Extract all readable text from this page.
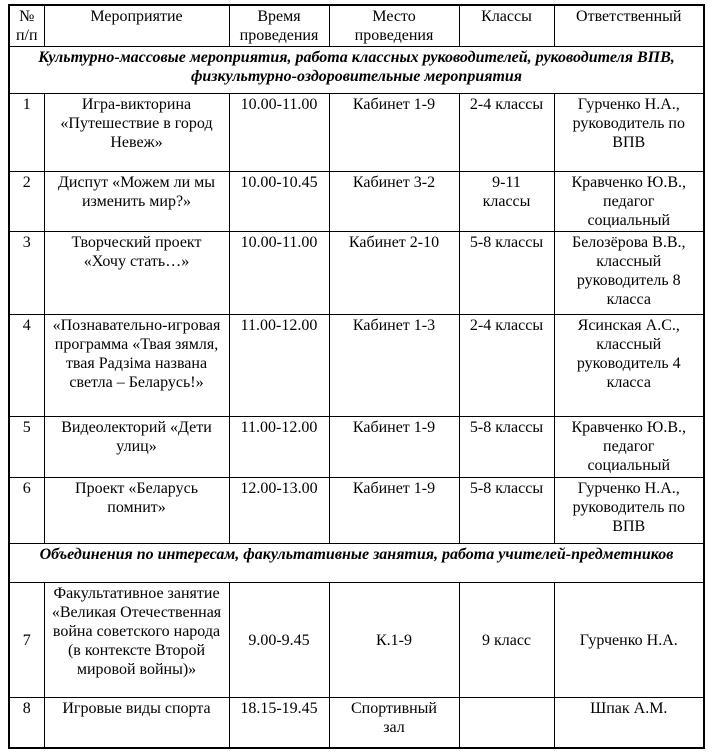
№ п/п	Мероприятие	Время проведения	Место проведения	Классы	Ответственный
Культурно-массовые мероприятия, работа классных руководителей, руководителя ВПВ, физкультурно-оздоровительные мероприятия					
1	Игра-викторина «Путешествие в город Невеж»	10.00-11.00	Кабинет 1-9	2-4 классы	Гурченко Н.А., руководитель по ВПВ
2	Диспут «Можем ли мы изменить мир?»	10.00-10.45	Кабинет 3-2	9-11 классы	Кравченко Ю.В., педагог социальный
3	Творческий проект «Хочу стать…»	10.00-11.00	Кабинет 2-10	5-8 классы	Белозёрова В.В., классный руководитель 8 класса
4	«Познавательно-игровая программа «Твая зямля, твая Радзіма названа светла – Беларусь!»	11.00-12.00	Кабинет 1-3	2-4 классы	Ясинская А.С., классный руководитель 4 класса
5	Видеолекторий «Дети улиц»	11.00-12.00	Кабинет 1-9	5-8 классы	Кравченко Ю.В., педагог социальный
6	Проект «Беларусь помнит»	12.00-13.00	Кабинет 1-9	5-8 классы	Гурченко Н.А., руководитель по ВПВ
Объединения по интересам, факультативные занятия, работа учителей-предметников					
7	Факультативное занятие «Великая Отечественная война советского народа (в контексте Второй мировой войны)»	9.00-9.45	К.1-9	9 класс	Гурченко Н.А.
8	Игровые виды спорта	18.15-19.45	Спортивный зал		Шпак А.М.
